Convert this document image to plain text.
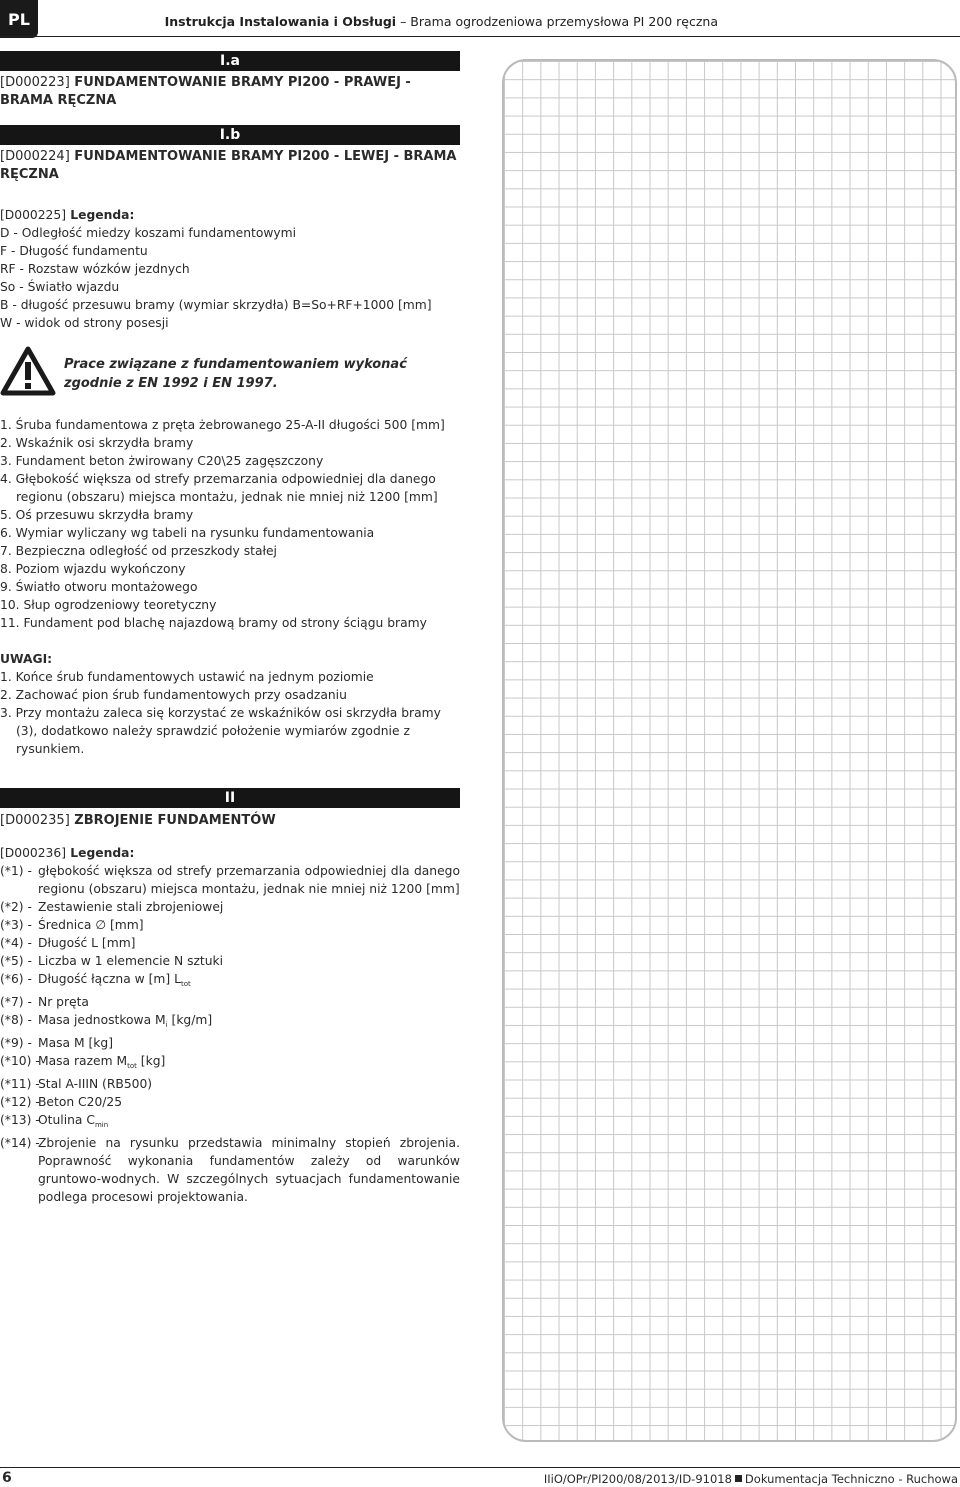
PL	Instrukcja Instalowania i Obsługi – Brama ogrodzeniowa przemysłowa PI 200 ręczna
I.a
[D000223] FUNDAMENTOWANIE BRAMY PI200 - PRAWEJ - BRAMA RĘCZNA
I.b
[D000224] FUNDAMENTOWANIE BRAMY PI200 - LEWEJ - BRAMA RĘCZNA
[D000225] Legenda:
D - Odległość miedzy koszami fundamentowymi
F - Długość fundamentu
RF - Rozstaw wózków jezdnych
So - Światło wjazdu
B - długość przesuwu bramy (wymiar skrzydła) B=So+RF+1000 [mm]
W - widok od strony posesji
Prace związane z fundamentowaniem wykonać zgodnie z EN 1992 i EN 1997.
1. Śruba fundamentowa z pręta żebrowanego 25-A-II długości 500 [mm]
2. Wskaźnik osi skrzydła bramy
3. Fundament beton żwirowany C20\25 zagęszczony
4. Głębokość większa od strefy przemarzania odpowiedniej dla danego regionu (obszaru) miejsca montażu, jednak nie mniej niż 1200 [mm]
5. Oś przesuwu skrzydła bramy
6. Wymiar wyliczany wg tabeli na rysunku fundamentowania
7. Bezpieczna odległość od przeszkody stałej
8. Poziom wjazdu wykończony
9. Światło otworu montażowego
10. Słup ogrodzeniowy teoretyczny
11. Fundament pod blachę najazdową bramy od strony ściągu bramy
UWAGI:
1. Końce śrub fundamentowych ustawić na jednym poziomie
2. Zachować pion śrub fundamentowych przy osadzaniu
3. Przy montażu zaleca się korzystać ze wskaźników osi skrzydła bramy (3), dodatkowo należy sprawdzić położenie wymiarów zgodnie z rysunkiem.
II
[D000235] ZBROJENIE FUNDAMENTÓW
[D000236] Legenda:
(*1) - głębokość większa od strefy przemarzania odpowiedniej dla danego regionu (obszaru) miejsca montażu, jednak nie mniej niż 1200 [mm]
(*2) - Zestawienie stali zbrojeniowej
(*3) - Średnica ∅ [mm]
(*4) - Długość L [mm]
(*5) - Liczba w 1 elemencie N sztuki
(*6) - Długość łączna w [m] $L_{tot}$
(*7) - Nr pręta
(*8) - Masa jednostkowa $M_i$ [kg/m]
(*9) - Masa M [kg]
(*10) -
Masa razem $M_{tot}$ [kg]
(*11) -
Stal A-IIIN (RB500)
(*12) -
Beton C20/25
(*13) -
Otulina $C_{min}$
(*14) -
Zbrojenie na rysunku przedstawia minimalny stopień zbrojenia. Poprawność wykonania fundamentów zależy od warunków gruntowo-wodnych. W szczególnych sytuacjach fundamentowanie podlega procesowi projektowania.
6	IIiO/OPr/PI200/08/2013/ID-91018 Dokumentacja Techniczno - Ruchowa
